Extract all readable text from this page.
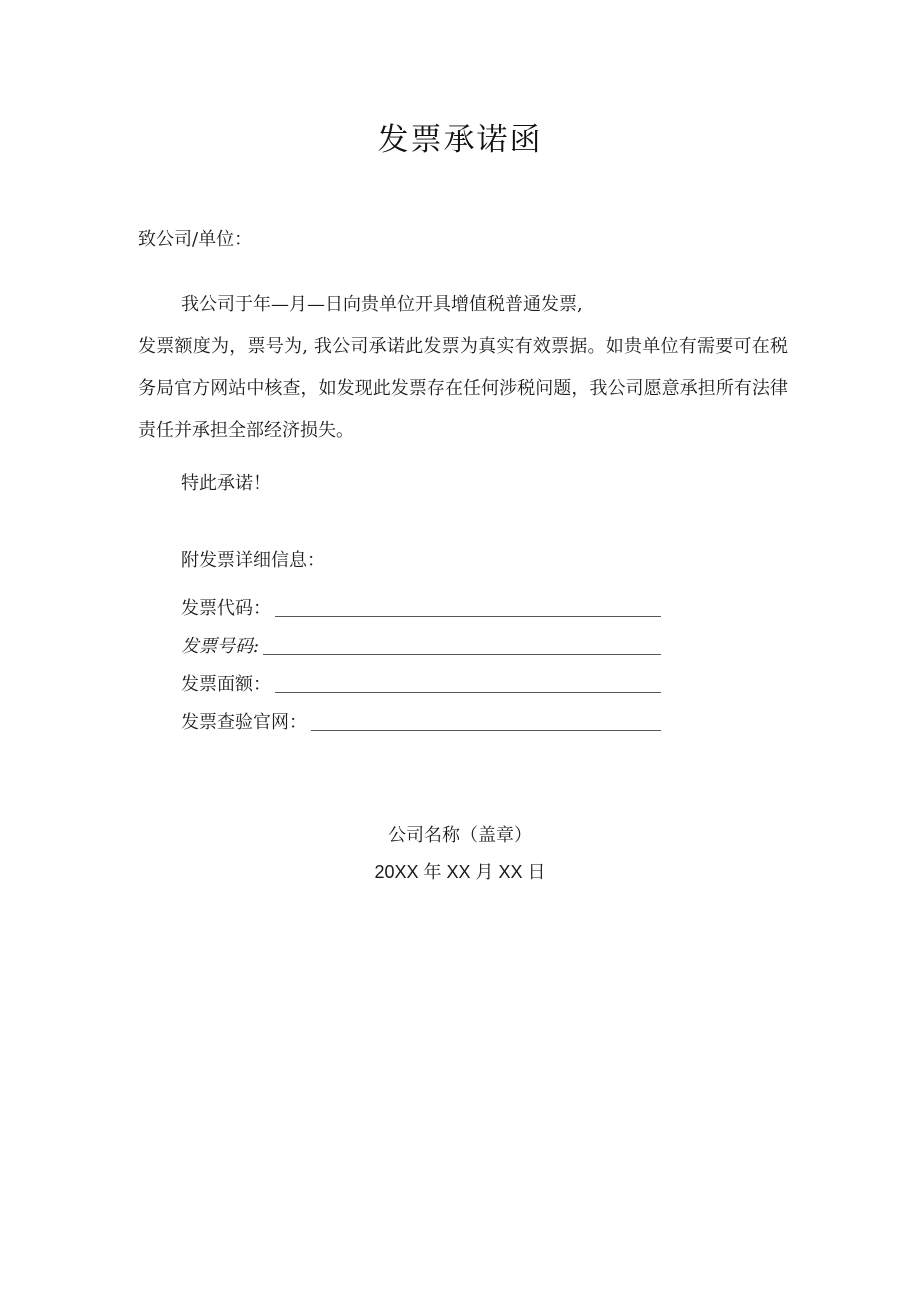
发票承诺函
致公司/单位：
我公司于年—月—日向贵单位开具增值税普通发票,
发票额度为，票号为, 我公司承诺此发票为真实有效票据。如贵单位有需要可在税务局官方网站中核查，如发现此发票存在任何涉税问题，我公司愿意承担所有法律责任并承担全部经济损失。
特此承诺！
附发票详细信息：
发票代码：
发票号码:
发票面额：
发票查验官网：
公司名称（盖章）
20XX 年 XX 月 XX 日
